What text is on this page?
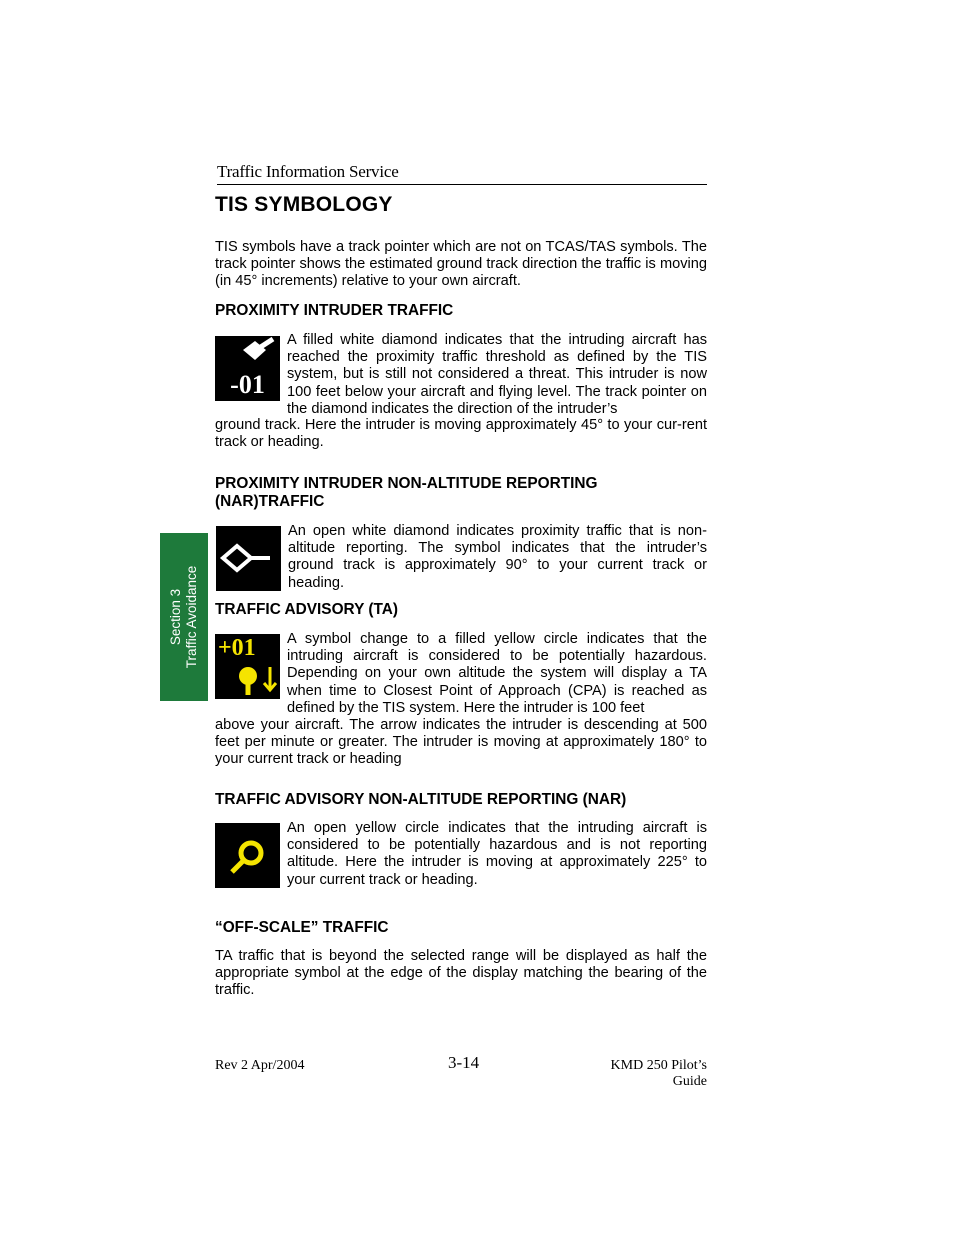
Traffic Information Service
TIS SYMBOLOGY

TIS symbols have a track pointer which are not on TCAS/TAS symbols. The track pointer shows the estimated ground track direction the traffic is moving (in 45° increments) relative to your own aircraft.

PROXIMITY INTRUDER TRAFFIC
-01

A filled white diamond indicates that the intruding aircraft has reached the proximity traffic threshold as defined by the TIS system, but is still not considered a threat. This intruder is now 100 feet below your aircraft and flying level. The track pointer on the diamond indicates the direction of the intruder’s

ground track. Here the intruder is moving approximately 45° to your cur-rent track or heading.

PROXIMITY INTRUDER NON-ALTITUDE REPORTING
(NAR)TRAFFIC

An open white diamond indicates proximity traffic that is non-altitude reporting. The symbol indicates that the intruder’s ground track is approximately 90° to your current track or heading.

TRAFFIC ADVISORY (TA)
+01	A symbol change to a filled yellow circle indicates that the intruding aircraft is considered to be potentially hazardous. Depending on your own altitude the system will display a TA when time to Closest Point of Approach (CPA) is reached as defined by the TIS system. Here the intruder is 100 feet

above your aircraft. The arrow indicates the intruder is descending at 500 feet per minute or greater. The intruder is moving at approximately 180° to your current track or heading

TRAFFIC ADVISORY NON-ALTITUDE REPORTING (NAR)

An open yellow circle indicates that the intruding aircraft is considered to be potentially hazardous and is not reporting altitude. Here the intruder is moving at approximately 225° to your current track or heading.

“OFF-SCALE” TRAFFIC

TA traffic that is beyond the selected range will be displayed as half the appropriate symbol at the edge of the display matching the bearing of the traffic.

Section 3 Traffic Avoidance
Rev 2 Apr/2004	3-14	KMD 250 Pilot’s Guide
